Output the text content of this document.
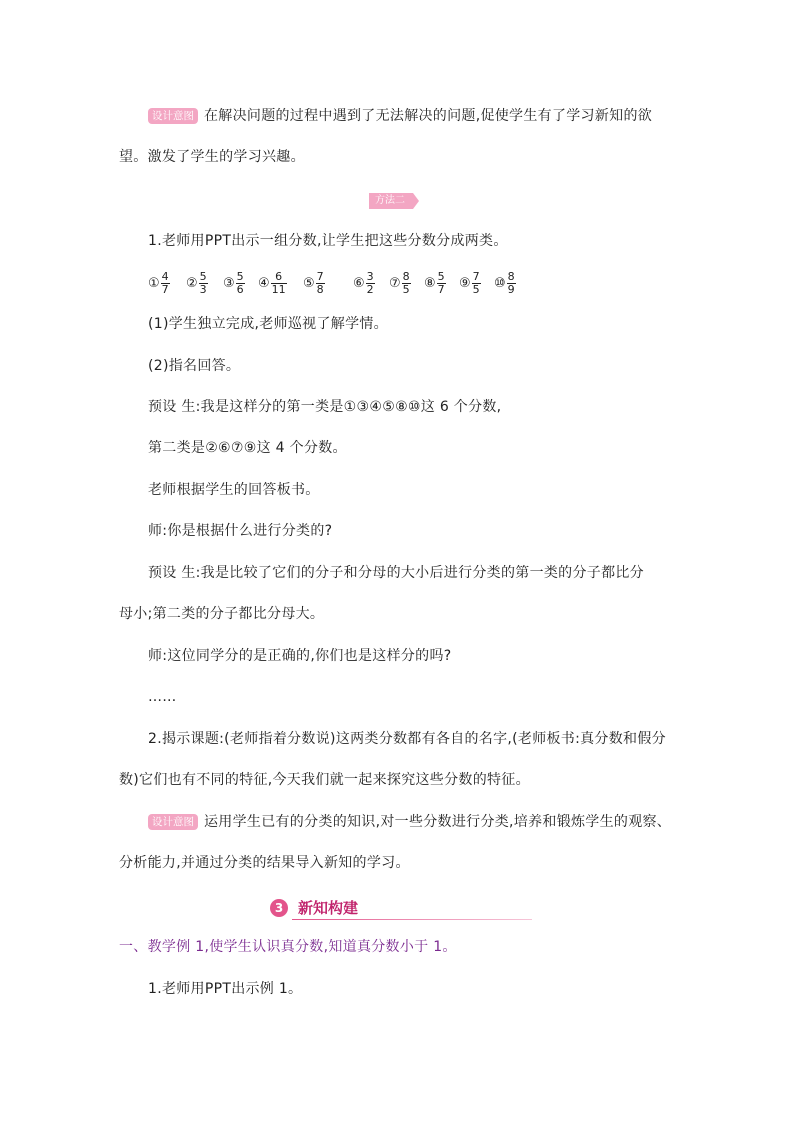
设计意图 在解决问题的过程中遇到了无法解决的问题,促使学生有了学习新知的欲
望。激发了学生的学习兴趣。
方法二
1.老师用PPT出示一组分数,让学生把这些分数分成两类。
① $\frac{4}{7}$ ② $\frac{5}{3}$ ③ $\frac{5}{6}$ ④ $\frac{6}{11}$ ⑤ $\frac{7}{8}$ ⑥ $\frac{3}{2}$ ⑦ $\frac{8}{5}$ ⑧ $\frac{5}{7}$ ⑨ $\frac{7}{5}$ ⑩ $\frac{8}{9}$
(1)学生独立完成,老师巡视了解学情。
(2)指名回答。
预设 生:我是这样分的第一类是①③④⑤⑧⑩这 6 个分数,
第二类是②⑥⑦⑨这 4 个分数。
老师根据学生的回答板书。
师:你是根据什么进行分类的?
预设 生:我是比较了它们的分子和分母的大小后进行分类的第一类的分子都比分
母小;第二类的分子都比分母大。
师:这位同学分的是正确的,你们也是这样分的吗?
……
2.揭示课题:(老师指着分数说)这两类分数都有各自的名字,(老师板书:真分数和假分
数)它们也有不同的特征,今天我们就一起来探究这些分数的特征。
设计意图 运用学生已有的分类的知识,对一些分数进行分类,培养和锻炼学生的观察、
分析能力,并通过分类的结果导入新知的学习。
3 新知构建
一、教学例 1,使学生认识真分数,知道真分数小于 1。
1.老师用PPT出示例 1。
